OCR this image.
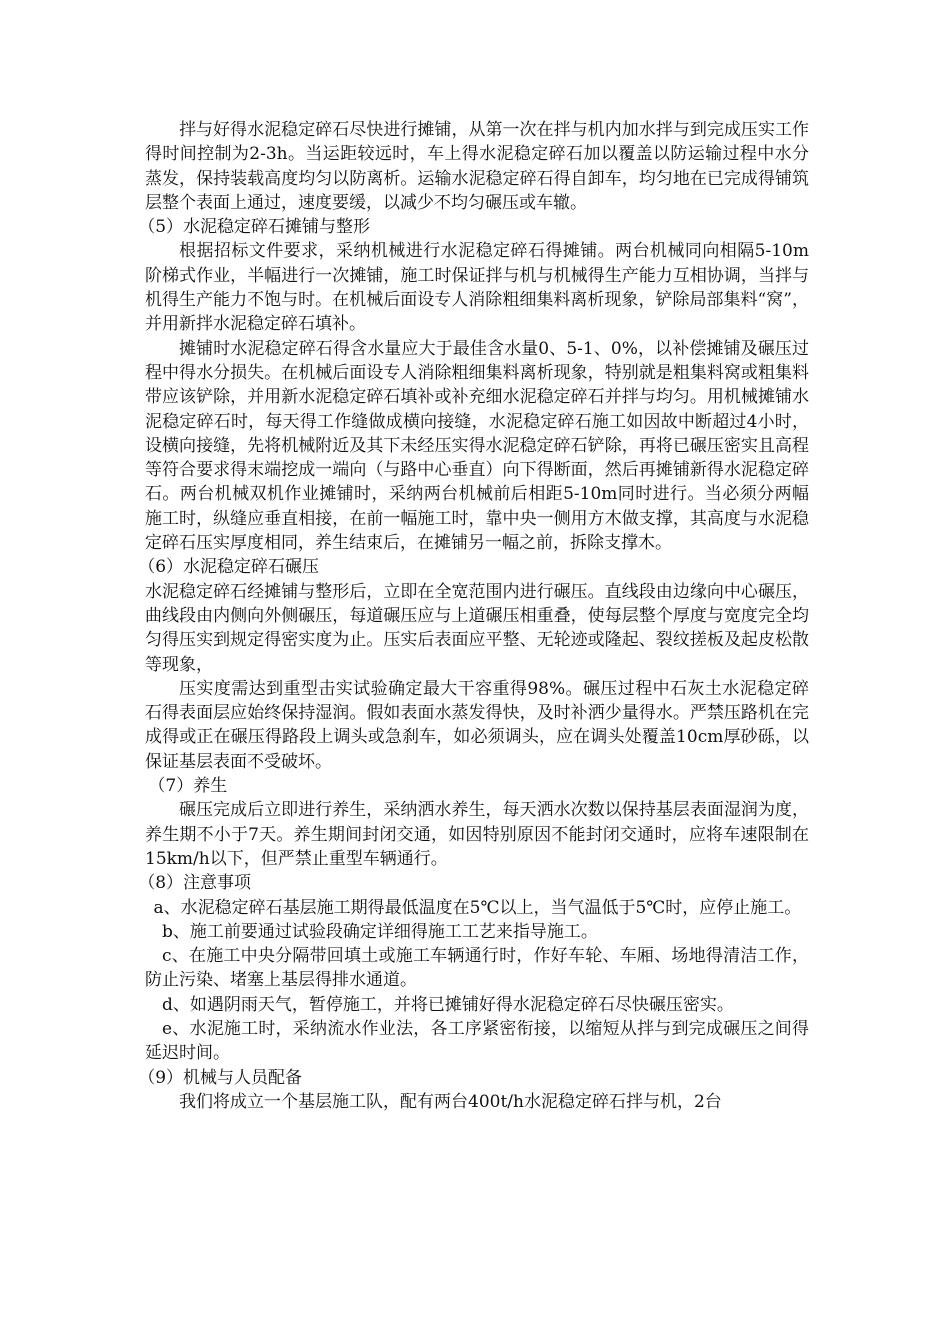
拌与好得水泥稳定碎石尽快进行摊铺，从第一次在拌与机内加水拌与到完成压实工作得时间控制为2-3h。当运距较远时，车上得水泥稳定碎石加以覆盖以防运输过程中水分蒸发，保持装载高度均匀以防离析。运输水泥稳定碎石得自卸车，均匀地在已完成得铺筑层整个表面上通过，速度要缓，以减少不均匀碾压或车辙。

（5）水泥稳定碎石摊铺与整形

根据招标文件要求，采纳机械进行水泥稳定碎石得摊铺。两台机械同向相隔5-10m阶梯式作业，半幅进行一次摊铺，施工时保证拌与机与机械得生产能力互相协调，当拌与机得生产能力不饱与时。在机械后面设专人消除粗细集料离析现象，铲除局部集料“窝”，并用新拌水泥稳定碎石填补。

摊铺时水泥稳定碎石得含水量应大于最佳含水量0、5-1、0%，以补偿摊铺及碾压过程中得水分损失。在机械后面设专人消除粗细集料离析现象，特别就是粗集料窝或粗集料带应该铲除，并用新水泥稳定碎石填补或补充细水泥稳定碎石并拌与均匀。用机械摊铺水泥稳定碎石时，每天得工作缝做成横向接缝，水泥稳定碎石施工如因故中断超过4小时，设横向接缝，先将机械附近及其下未经压实得水泥稳定碎石铲除，再将已碾压密实且高程等符合要求得末端挖成一端向（与路中心垂直）向下得断面，然后再摊铺新得水泥稳定碎石。两台机械双机作业摊铺时，采纳两台机械前后相距5-10m同时进行。当必须分两幅施工时，纵缝应垂直相接，在前一幅施工时，靠中央一侧用方木做支撑，其高度与水泥稳定碎石压实厚度相同，养生结束后，在摊铺另一幅之前，拆除支撑木。

（6）水泥稳定碎石碾压

水泥稳定碎石经摊铺与整形后，立即在全宽范围内进行碾压。直线段由边缘向中心碾压，曲线段由内侧向外侧碾压，每道碾压应与上道碾压相重叠，使每层整个厚度与宽度完全均匀得压实到规定得密实度为止。压实后表面应平整、无轮迹或隆起、裂纹搓板及起皮松散等现象，

压实度需达到重型击实试验确定最大干容重得98%。碾压过程中石灰土水泥稳定碎石得表面层应始终保持湿润。假如表面水蒸发得快，及时补洒少量得水。严禁压路机在完成得或正在碾压得路段上调头或急刹车，如必须调头，应在调头处覆盖10cm厚砂砾，以保证基层表面不受破坏。

（7）养生

碾压完成后立即进行养生，采纳洒水养生，每天洒水次数以保持基层表面湿润为度，养生期不小于7天。养生期间封闭交通，如因特别原因不能封闭交通时，应将车速限制在15km/h以下，但严禁止重型车辆通行。

（8）注意事项

a、水泥稳定碎石基层施工期得最低温度在5℃以上，当气温低于5℃时，应停止施工。

b、施工前要通过试验段确定详细得施工工艺来指导施工。

c、在施工中央分隔带回填土或施工车辆通行时，作好车轮、车厢、场地得清洁工作，防止污染、堵塞上基层得排水通道。

d、如遇阴雨天气，暂停施工，并将已摊铺好得水泥稳定碎石尽快碾压密实。

e、水泥施工时，采纳流水作业法，各工序紧密衔接，以缩短从拌与到完成碾压之间得延迟时间。

（9）机械与人员配备

我们将成立一个基层施工队，配有两台400t/h水泥稳定碎石拌与机，2台
